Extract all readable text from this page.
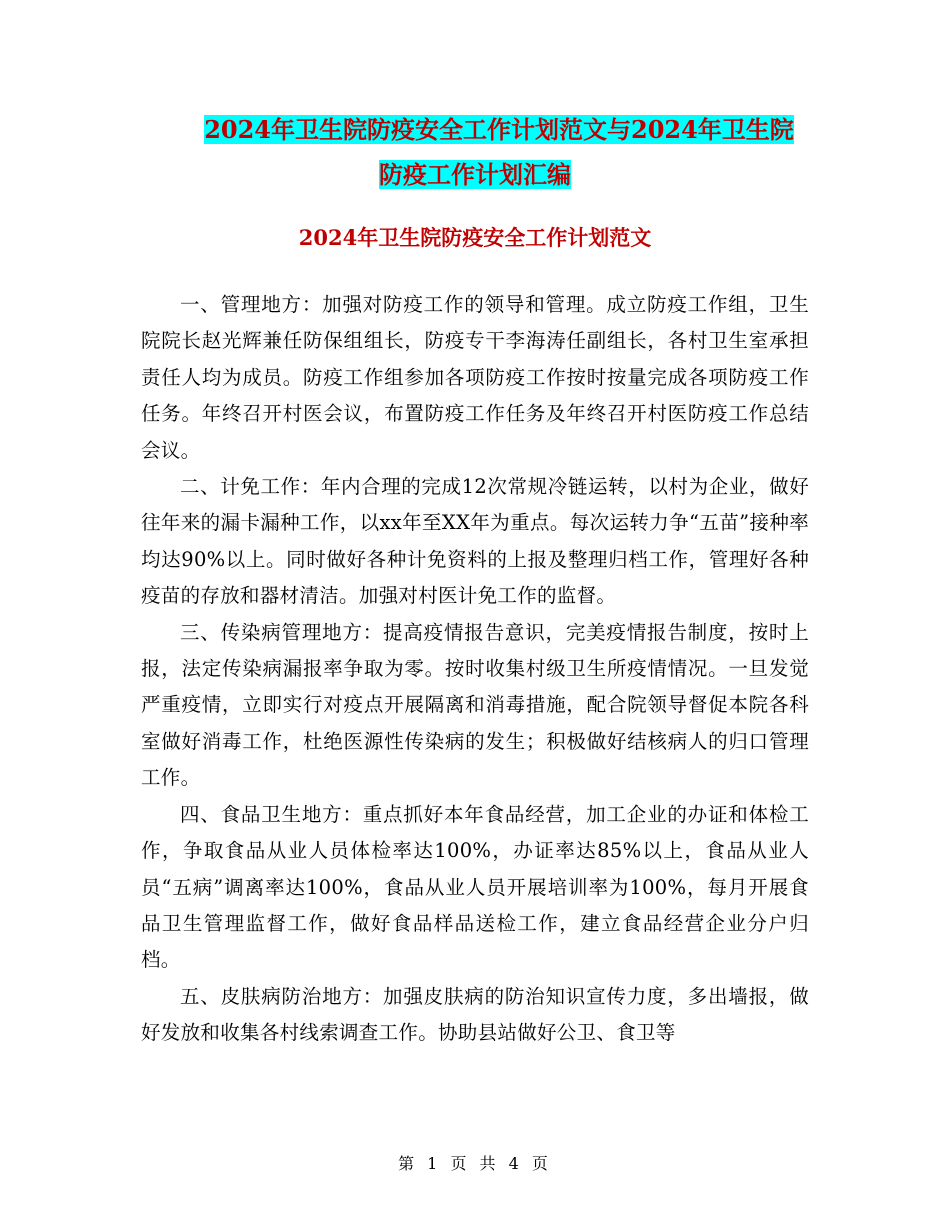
2024年卫生院防疫安全工作计划范文与2024年卫生院
防疫工作计划汇编
2024年卫生院防疫安全工作计划范文

一、管理地方：加强对防疫工作的领导和管理。成立防疫工作组，卫生院院长赵光辉兼任防保组组长，防疫专干李海涛任副组长，各村卫生室承担责任人均为成员。防疫工作组参加各项防疫工作按时按量完成各项防疫工作任务。年终召开村医会议，布置防疫工作任务及年终召开村医防疫工作总结会议。

二、计免工作：年内合理的完成12次常规冷链运转，以村为企业，做好往年来的漏卡漏种工作，以xx年至XX年为重点。每次运转力争“五苗”接种率均达90%以上。同时做好各种计免资料的上报及整理归档工作，管理好各种疫苗的存放和器材清洁。加强对村医计免工作的监督。

三、传染病管理地方：提高疫情报告意识，完美疫情报告制度，按时上报，法定传染病漏报率争取为零。按时收集村级卫生所疫情情况。一旦发觉严重疫情，立即实行对疫点开展隔离和消毒措施，配合院领导督促本院各科室做好消毒工作，杜绝医源性传染病的发生；积极做好结核病人的归口管理工作。

四、食品卫生地方：重点抓好本年食品经营，加工企业的办证和体检工作，争取食品从业人员体检率达100%，办证率达85%以上，食品从业人员“五病”调离率达100%，食品从业人员开展培训率为100%，每月开展食品卫生管理监督工作，做好食品样品送检工作，建立食品经营企业分户归档。

五、皮肤病防治地方：加强皮肤病的防治知识宣传力度，多出墙报，做好发放和收集各村线索调查工作。协助县站做好公卫、食卫等

第 1 页 共 4 页
